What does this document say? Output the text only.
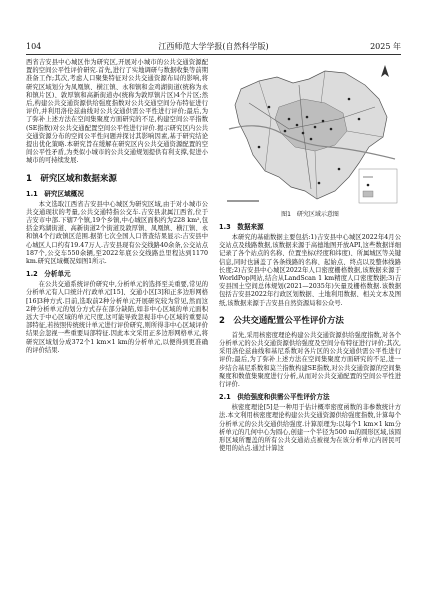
104	江西师范大学学报(自然科学版)	2025 年

西省吉安县中心城区作为研究区,开展对小城市的公共交通资源配置的空间公平性评价研究.首先,进行了实地调研与数据收集等前期准备工作;其次,考虑人口聚集特征对公共交通资源布局的影响,将研究区域划分为凤凰镇、横江镇、永和镇和金鸡湖街道(统称为永和镇片区)、敦厚镇和高新街道办(统称为敦厚镇片区)4个片区;然后,构建公共交通资源供给强度指数对公共交通空间分布特征进行评价,并利用洛伦兹曲线对公共交通供需公平性进行评价;最后,为了弥补上述方法在空间集聚度方面研究的不足,构建空间公平指数(SE指数)对公共交通配置空间公平性进行评价.揭示研究区内公共交通资源分布的空间公平性问题并探讨其影响因素,基于研究结论提出优化策略.本研究旨在缓解在研究区内公共交通资源配置的空间公平性矛盾,为类似小城市的公共交通规划提供有利支撑,促进小城市的可持续发展.

1　研究区域和数据来源
1.1　研究区域概况

本文选取江西省吉安县中心城区为研究区域,由于对小城市公共交通现状的考量,公共交通特指公交车.吉安县隶属江西省,位于吉安市中部.下辖7个镇,19个乡镇,中心城区面积约为228 km²,包括金鸡湖街道、高新街道2个街道及敦厚镇、凤凰镇、横江镇、永和镇4个行政镇区范围.据第七次全国人口普查结果显示:吉安县中心城区人口约有19.47万人.吉安县现有公交线路40余条,公交站点187个,公交车550余辆,至2022年底公交线路总里程达到1170 km.研究区域概况如图1所示.

1.2　分析单元

在公共交通系统评价研究中,分析单元的选择至关重要,常见的分析单元有人口统计/行政单元[15]、交通小区[3]和正多边形网格[16]3种方式.目前,选取前2种分析单元开展研究较为常见,然而这2种分析单元的划分方式存在部分缺陷,如非中心区域的单元面积远大于中心区域的单元尺度,这可能导致忽视非中心区域的重要局部特征,若按照传统统计单元进行评价研究,则所得非中心区域评价结果会忽视一些重要局部特征.因此本文采用正多边形网格单元,将研究区域划分成372个1 km×1 km的分析单元,以便得到更准确的评价结果.

图1　研究区域示意图
1.3　数据来源

本研究的基础数据主要包括:1)吉安县中心城区2022年4月公交站点及线路数据,该数据来源于高德地图开放API,这些数据详细记录了各个站点的名称、位置坐标(经度和纬度)、所属城区等关键信息,同时也涵盖了各条线路的名称、起始点、终点以及整体线路长度;2)吉安县中心城区2022年人口密度栅格数据,该数据来源于WorldPop网站,结合从LandScan 1 km精度人口密度数据;3)吉安县国土空间总体规划(2021—2035年)矢量及栅格数据.该数据包括吉安县2022年行政区划数据、土地利用数据、相关文本及图纸,该数据来源于吉安县自然资源局和公众号.

2　公共交通配置公平性评价方法

首先,采用核密度理论构建公共交通资源供给强度指数,对各个分析单元的公共交通资源供给强度及空间分布特征进行评价;其次,采用洛伦兹曲线和基尼系数对各片区的公共交通供需公平性进行评价;最后,为了弥补上述方法在空间集聚度方面研究的不足,进一步结合基尼系数和莫兰指数构建SE指数,对公共交通资源的空间集聚度和数值集聚度进行分析,从而对公共交通配置的空间公平性进行评价.

2.1　供给强度和供需公平性评价方法

核密度理论[5]是一种用于估计概率密度函数的非参数统计方法.本文利用核密度理论构建公共交通资源供给强度指数,计算每个分析单元的公共交通供给强度.计算原理为:以每个1 km×1 km分析单元的几何中心为圆心,创建一个半径为500 m的圆形区域,该圆形区域所覆盖的所有公共交通站点被视为在该分析单元内居民可使用的站点.通过计算这
